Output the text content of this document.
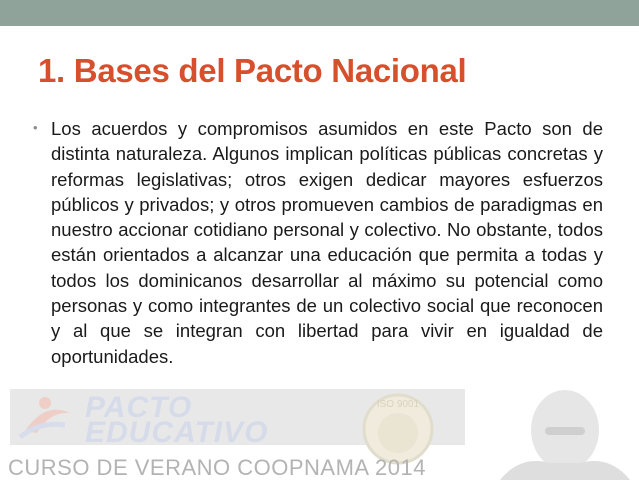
1. Bases del Pacto Nacional
• Los acuerdos y compromisos asumidos en este Pacto son de distinta naturaleza. Algunos implican políticas públicas concretas y reformas legislativas; otros exigen dedicar mayores esfuerzos públicos y privados; y otros promueven cambios de paradigmas en nuestro accionar cotidiano personal y colectivo. No obstante, todos están orientados a alcanzar una educación que permita a todas y todos los dominicanos desarrollar al máximo su potencial como personas y como integrantes de un colectivo social que reconocen y al que se integran con libertad para vivir en igualdad de oportunidades.

PACTO
EDUCATIVO
ISO 9001
CURSO DE VERANO COOPNAMA 2014
